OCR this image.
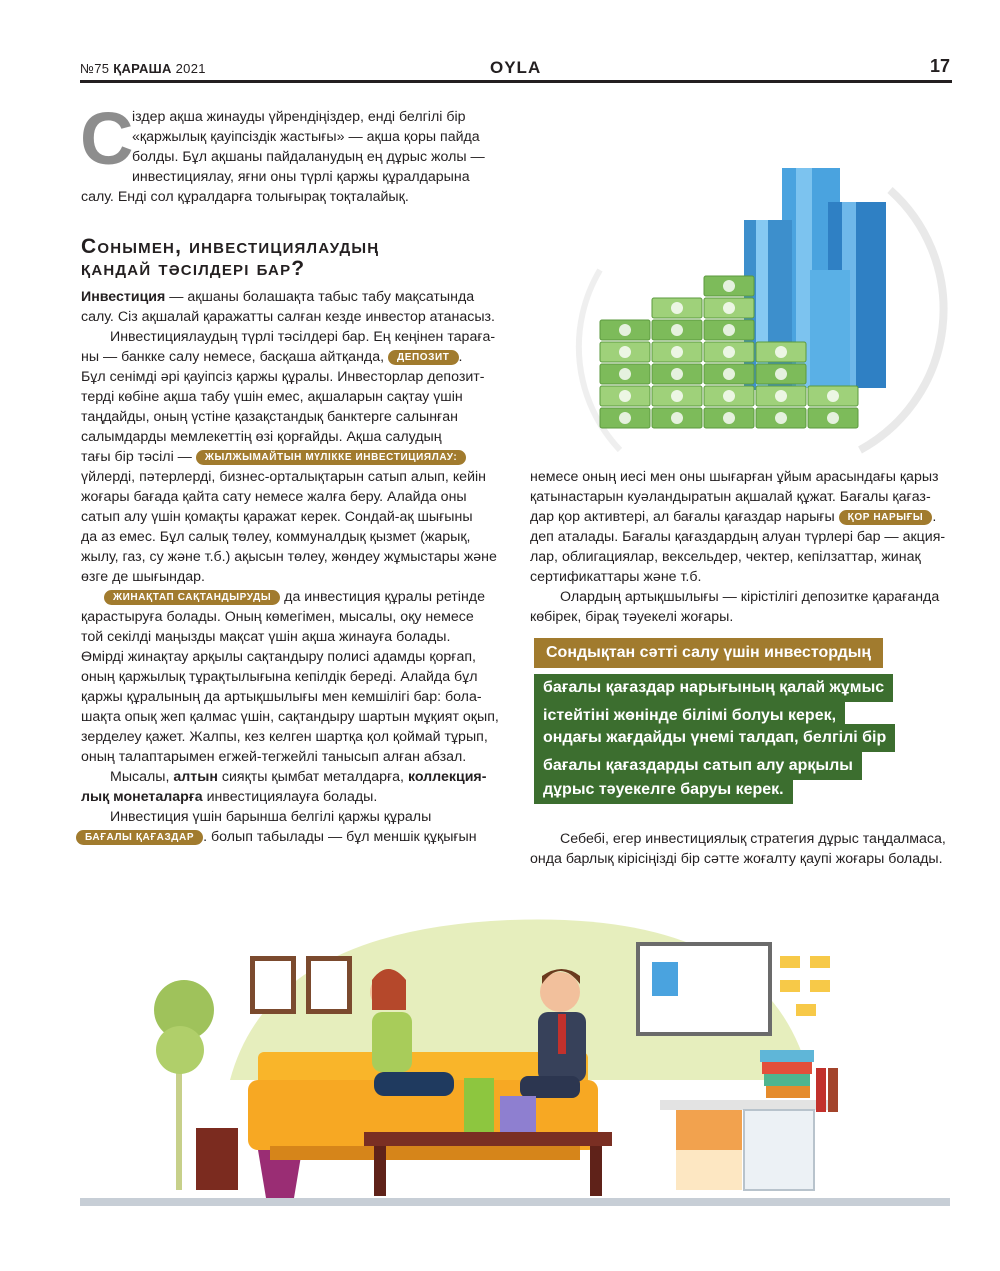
№75 ҚАРАША 2021	OYLA	17
С
іздер ақша жинауды үйрендіңіздер, енді белгілі бір
«қаржылық қауіпсіздік жастығы» — ақша қоры пайда
болды. Бұл ақшаны пайдаланудың ең дұрыс жолы —
инвестициялау, яғни оны түрлі қаржы құралдарына
салу. Енді сол құралдарға толығырақ тоқталайық.
Сонымен, инвестициялаудың
қандай тәсілдері бар?
Инвестиция — ақшаны болашақта табыс табу мақсатында
салу. Сіз ақшалай қаражатты салған кезде инвестор атанасыз.
Инвестициялаудың түрлі тәсілдері бар. Ең кеңінен тарағa-
ны — банкке салу немесе, басқаша айтқанда, ДЕПОЗИТ .
Бұл сенімді әрі қауіпсіз қаржы құралы. Инвесторлар депозит-
терді көбіне ақша табу үшін емес, ақшаларын сақтау үшін
таңдайды, оның үстіне қазақстандық банктерге салынған
салымдарды мемлекеттің өзі қорғайды. Ақша салудың
тағы бір тәсілі — ЖЫЛЖЫМАЙТЫН МҮЛІККЕ ИНВЕСТИЦИЯЛАУ:
үйлерді, пәтерлерді, бизнес-орталықтарын сатып алып, кейін
жоғары бағада қайта сату немесе жалға беру. Алайда оны
сатып алу үшін қомақты қаражат керек. Сондай-ақ шығыны
да аз емес. Бұл салық төлеу, коммуналдық қызмет (жарық,
жылу, газ, су және т.б.) ақысын төлеу, жөндеу жұмыстары және
өзге де шығындар.
ЖИНАҚТАП САҚТАНДЫРУДЫ да инвестиция құралы ретінде
қарастыруға болады. Оның көмегімен, мысалы, оқу немесе
той секілді маңызды мақсат үшін ақша жинауға болады.
Өмірді жинақтау арқылы сақтандыру полисі адамды қорғап,
оның қаржылық тұрақтылығына кепілдік береді. Алайда бұл
қаржы құралының да артықшылығы мен кемшілігі бар: бола-
шақта опық жеп қалмас үшін, сақтандыру шартын мұқият оқып,
зерделеу қажет. Жалпы, кез келген шартқа қол қоймай тұрып,
оның талаптарымен егжей-тегжейлі танысып алған абзал.
Мысалы, алтын сияқты қымбат металдарға, коллекция-
лық монеталарға инвестициялауға болады.
Инвестиция үшін барынша белгілі қаржы құралы
БАҒАЛЫ ҚАҒАЗДАР . болып табылады — бұл меншік құқығын
немесе оның иесі мен оны шығарған ұйым арасындағы қарыз
қатынастарын куәландыратын ақшалай құжат. Бағалы қағаз-
дар қор активтері, ал бағалы қағаздар нарығы ҚОР НАРЫҒЫ .
деп аталады. Бағалы қағаздардың алуан түрлері бар — акция-
лар, облигациялар, вексельдер, чектер, кепілзаттар, жинақ
сертификаттары және т.б.
Олардың артықшылығы — кірістілігі депозитке қарағанда
көбірек, бірақ тәуекелі жоғары.
Себебі, егер инвестициялық стратегия дұрыс таңдалмаса,
онда барлық кірісіңізді бір сәтте жоғалту қаупі жоғары болады.
Сондықтан сәтті салу үшін инвестордың
бағалы қағаздар нарығының қалай жұмыс
істейтіні жөнінде білімі болуы керек,
ондағы жағдайды үнемі талдап, белгілі бір
бағалы қағаздарды сатып алу арқылы
дұрыс тәуекелге баруы керек.
